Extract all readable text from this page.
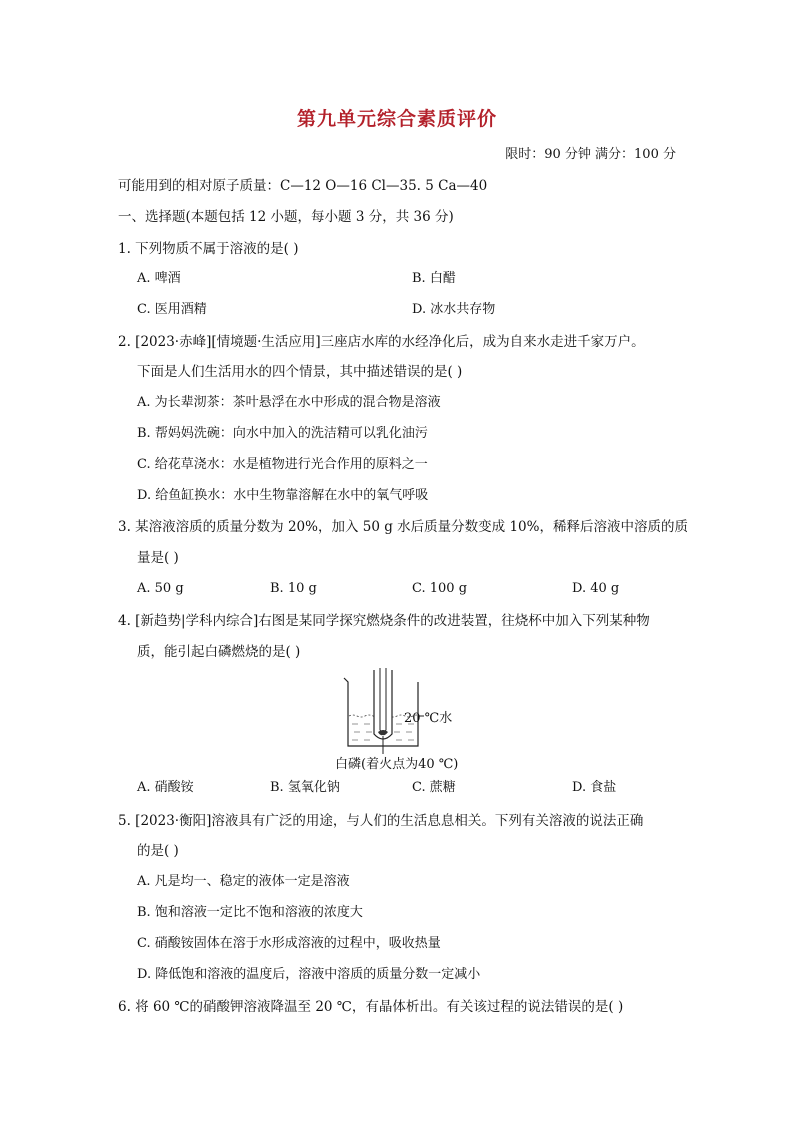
第九单元综合素质评价
限时：90 分钟 满分：100 分
可能用到的相对原子质量：C—12 O—16 Cl—35. 5 Ca—40
一、选择题(本题包括 12 小题，每小题 3 分，共 36 分)
1. 下列物质不属于溶液的是( )
A. 啤酒	B. 白醋
C. 医用酒精	D. 冰水共存物
2. [2023·赤峰][情境题·生活应用]三座店水库的水经净化后，成为自来水走进千家万户。
下面是人们生活用水的四个情景，其中描述错误的是( )
A. 为长辈沏茶：茶叶悬浮在水中形成的混合物是溶液
B. 帮妈妈洗碗：向水中加入的洗洁精可以乳化油污
C. 给花草浇水：水是植物进行光合作用的原料之一
D. 给鱼缸换水：水中生物靠溶解在水中的氧气呼吸
3. 某溶液溶质的质量分数为 20%，加入 50 g 水后质量分数变成 10%，稀释后溶液中溶质的质
量是( )
A. 50 g	B. 10 g	C. 100 g	D. 40 g
4. [新趋势|学科内综合]右图是某同学探究燃烧条件的改进装置，往烧杯中加入下列某种物
质，能引起白磷燃烧的是( )
20 ℃水
白磷(着火点为40 ℃)
A. 硝酸铵	B. 氢氧化钠	C. 蔗糖	D. 食盐
5. [2023·衡阳]溶液具有广泛的用途，与人们的生活息息相关。下列有关溶液的说法正确
的是( )
A. 凡是均一、稳定的液体一定是溶液
B. 饱和溶液一定比不饱和溶液的浓度大
C. 硝酸铵固体在溶于水形成溶液的过程中，吸收热量
D. 降低饱和溶液的温度后，溶液中溶质的质量分数一定减小
6. 将 60 ℃的硝酸钾溶液降温至 20 ℃，有晶体析出。有关该过程的说法错误的是( )
